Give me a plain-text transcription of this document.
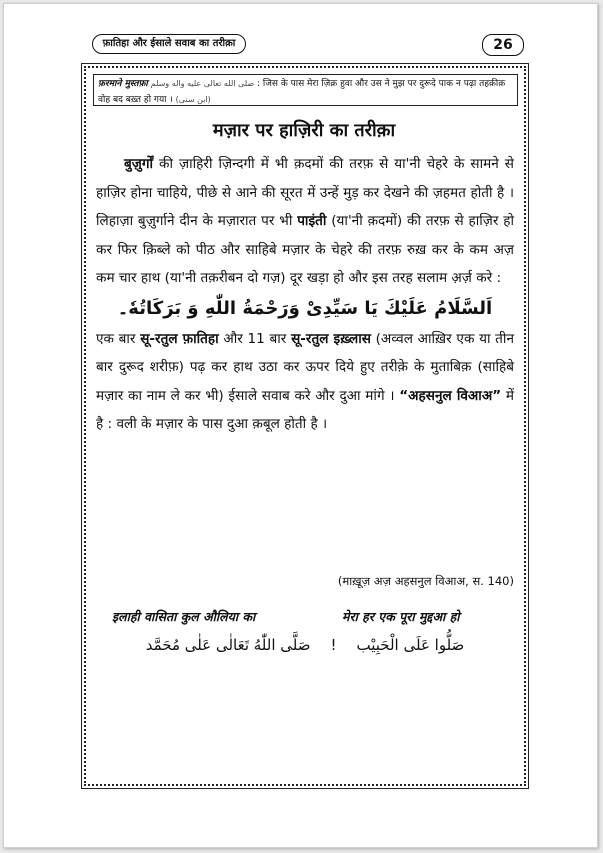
फ़ातिहा और ईसाले सवाब का तरीक़ा	26
फ़रमाने मुस्तफ़ा صلى الله تعالى عليه واله وسلم : जिस के पास मेरा ज़िक्र हुवा और उस ने मुझ पर दुरूदे पाक न पढ़ा तहक़ीक़ वोह बद बख़्त हो गया । (ابن سنی)
मज़ार पर हाज़िरी का तरीक़ा

बुज़ुर्गों की ज़ाहिरी ज़िन्दगी में भी क़दमों की तरफ़ से या'नी चेहरे के सामने से हाज़िर होना चाहिये, पीछे से आने की सूरत में उन्हें मुड़ कर देखने की ज़हमत होती है । लिहाज़ा बुज़ुर्गाने दीन के मज़ारात पर भी पाइंती (या'नी क़दमों) की तरफ़ से हाज़िर हो कर फिर क़िब्ले को पीठ और साहिबे मज़ार के चेहरे की तरफ़ रुख़ कर के कम अज़ कम चार हाथ (या'नी तक़रीबन दो गज़) दूर खड़ा हो और इस तरह सलाम अ़र्ज़ करे :

اَلسَّلَامُ عَلَيْكَ يَا سَيِّدِىْ وَرَحْمَةُ اللّٰهِ وَ بَرَكَاتُهٗ۔

एक बार सू-रतुल फ़ातिहा और 11 बार सू-रतुल इख़्लास (अव्वल आख़िर एक या तीन बार दुरूद शरीफ़) पढ़ कर हाथ उठा कर ऊपर दिये हुए तरीक़े के मुताबिक़ (साहिबे मज़ार का नाम ले कर भी) ईसाले सवाब करे और दुआ मांगे । “अहसनुल विआअ” में है : वली के मज़ार के पास दुआ क़बूल होती है ।

(माख़ूज़ अज़ अहसनुल विआअ, स. 140)
इलाही वासिता कुल औलिया का	मेरा हर एक पूरा मुद्दआ हो
صَلُّوا عَلَى الْحَبِيْب!صَلَّى اللّٰهُ تَعَالٰى عَلٰى مُحَمَّد
